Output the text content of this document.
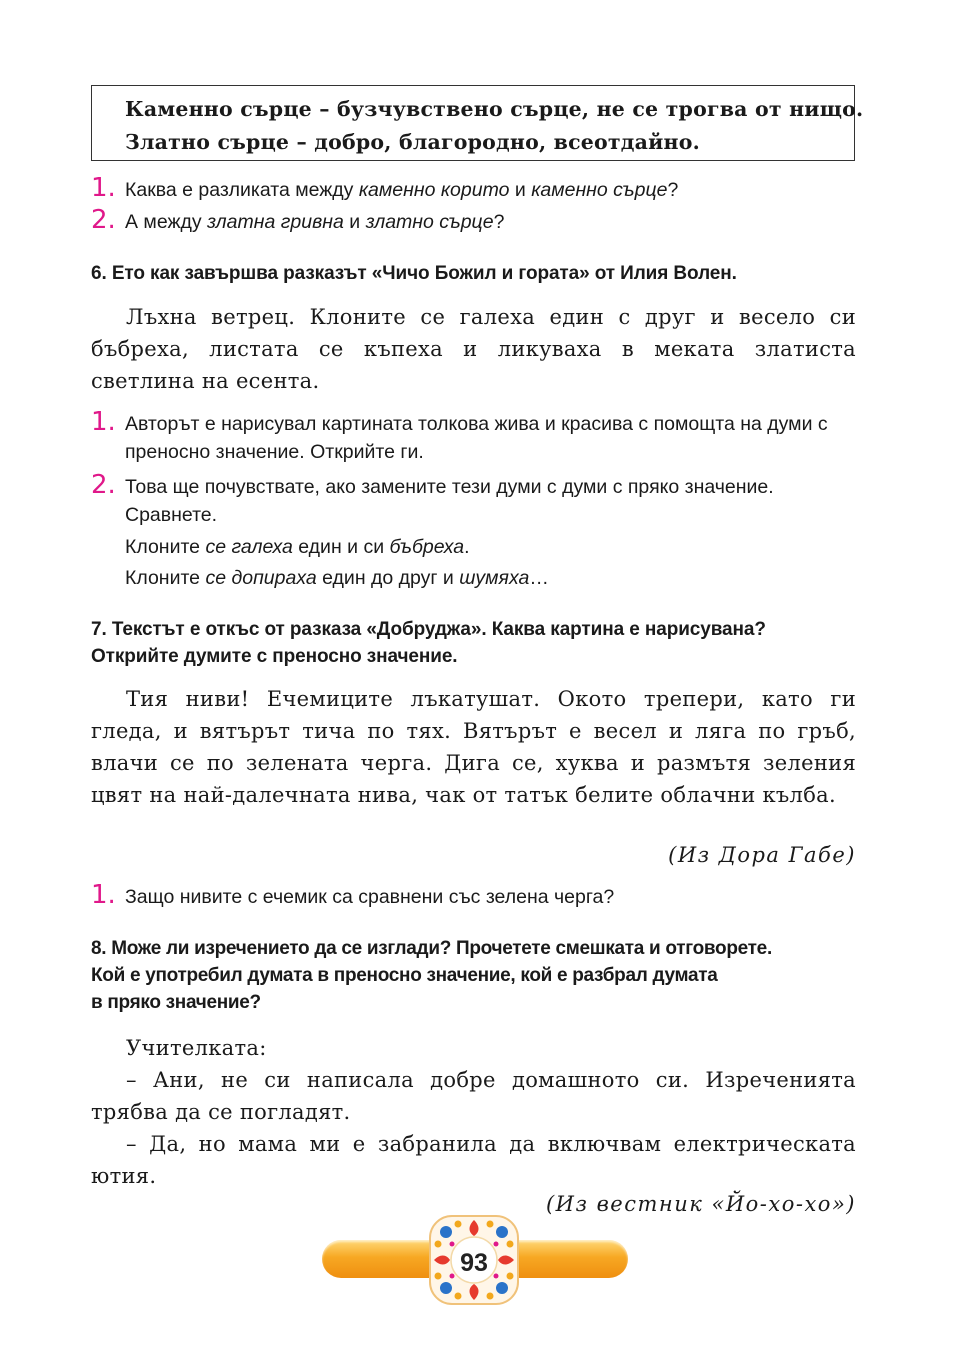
Каменно сърце – бузчувствено сърце, не се трогва от нищо.
Златно сърце – добро, благородно, всеотдайно.
1. Каква е разликата между каменно корито и каменно сърце?
2. А между златна гривна и златно сърце?
6. Ето как завършва разказът «Чичо Божил и гората» от Илия Волен.

Лъхна ветрец. Клоните се галеха един с друг и весело си бъбреха, листата се къпеха и ликуваха в меката златиста светлина на есента.

1. Авторът е нарисувал картината толкова жива и красива с помощта на думи с преносно значение. Открийте ги.
2. Това ще почувствате, ако замените тези думи с думи с пряко значение. Сравнете.
Клоните се галеха един и си бъбреха.
Клоните се допираха един до друг и шумяха…
7. Текстът е откъс от разказа «Добруджа». Каква картина е нарисувана?
Открийте думите с преносно значение.

Тия ниви! Ечемиците лъкатушат. Окото трепери, като ги гледа, и вятърът тича по тях. Вятърът е весел и ляга по гръб, влачи се по зелената черга. Дига се, хуква и размътя зеления цвят на най-далечната нива, чак от татък белите облачни кълба.

(Из Дора Габе)
1. Защо нивите с ечемик са сравнени със зелена черга?
8. Може ли изречението да се изглади? Прочетете смешката и отговорете.
Кой е употребил думата в преносно значение, кой е разбрал думата
в пряко значение?

Учителката:

– Ани, не си написала добре домашното си. Изреченията трябва да се погладят.

– Да, но мама ми е забранила да включвам електрическата ютия.

(Из вестник «Йо-хо-хо»)
93
